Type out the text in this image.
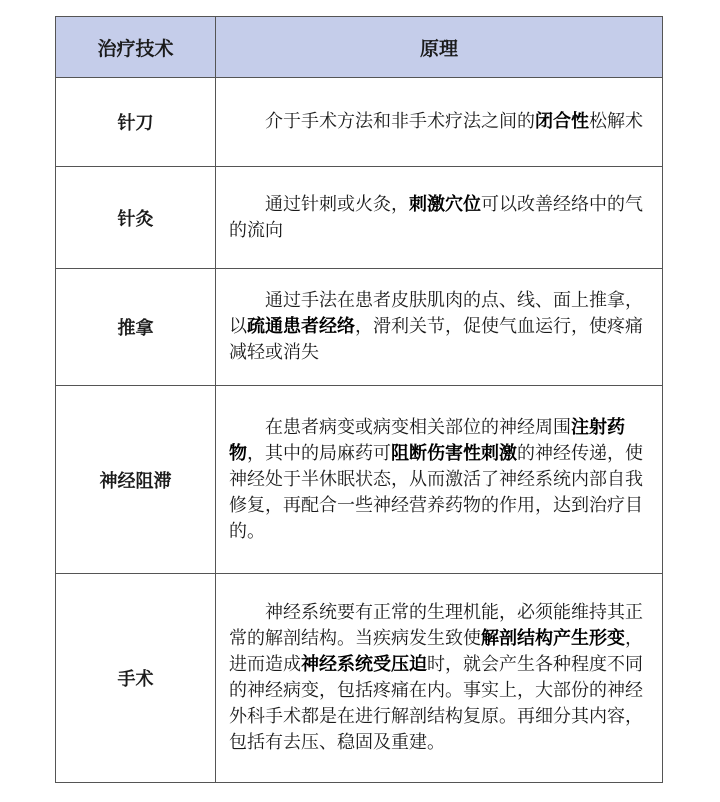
治疗技术	原理
针刀	介于手术方法和非手术疗法之间的闭合性松解术
针灸	通过针刺或火灸，刺激穴位可以改善经络中的气的流向
推拿	通过手法在患者皮肤肌肉的点、线、面上推拿，以疏通患者经络，滑利关节，促使气血运行，使疼痛减轻或消失
神经阻滞	在患者病变或病变相关部位的神经周围注射药物，其中的局麻药可阻断伤害性刺激的神经传递，使神经处于半休眠状态，从而激活了神经系统内部自我修复，再配合一些神经营养药物的作用，达到治疗目的。
手术	神经系统要有正常的生理机能，必须能维持其正常的解剖结构。当疾病发生致使解剖结构产生形变，进而造成神经系统受压迫时，就会产生各种程度不同的神经病变，包括疼痛在内。事实上，大部份的神经外科手术都是在进行解剖结构复原。再细分其内容，包括有去压、稳固及重建。
